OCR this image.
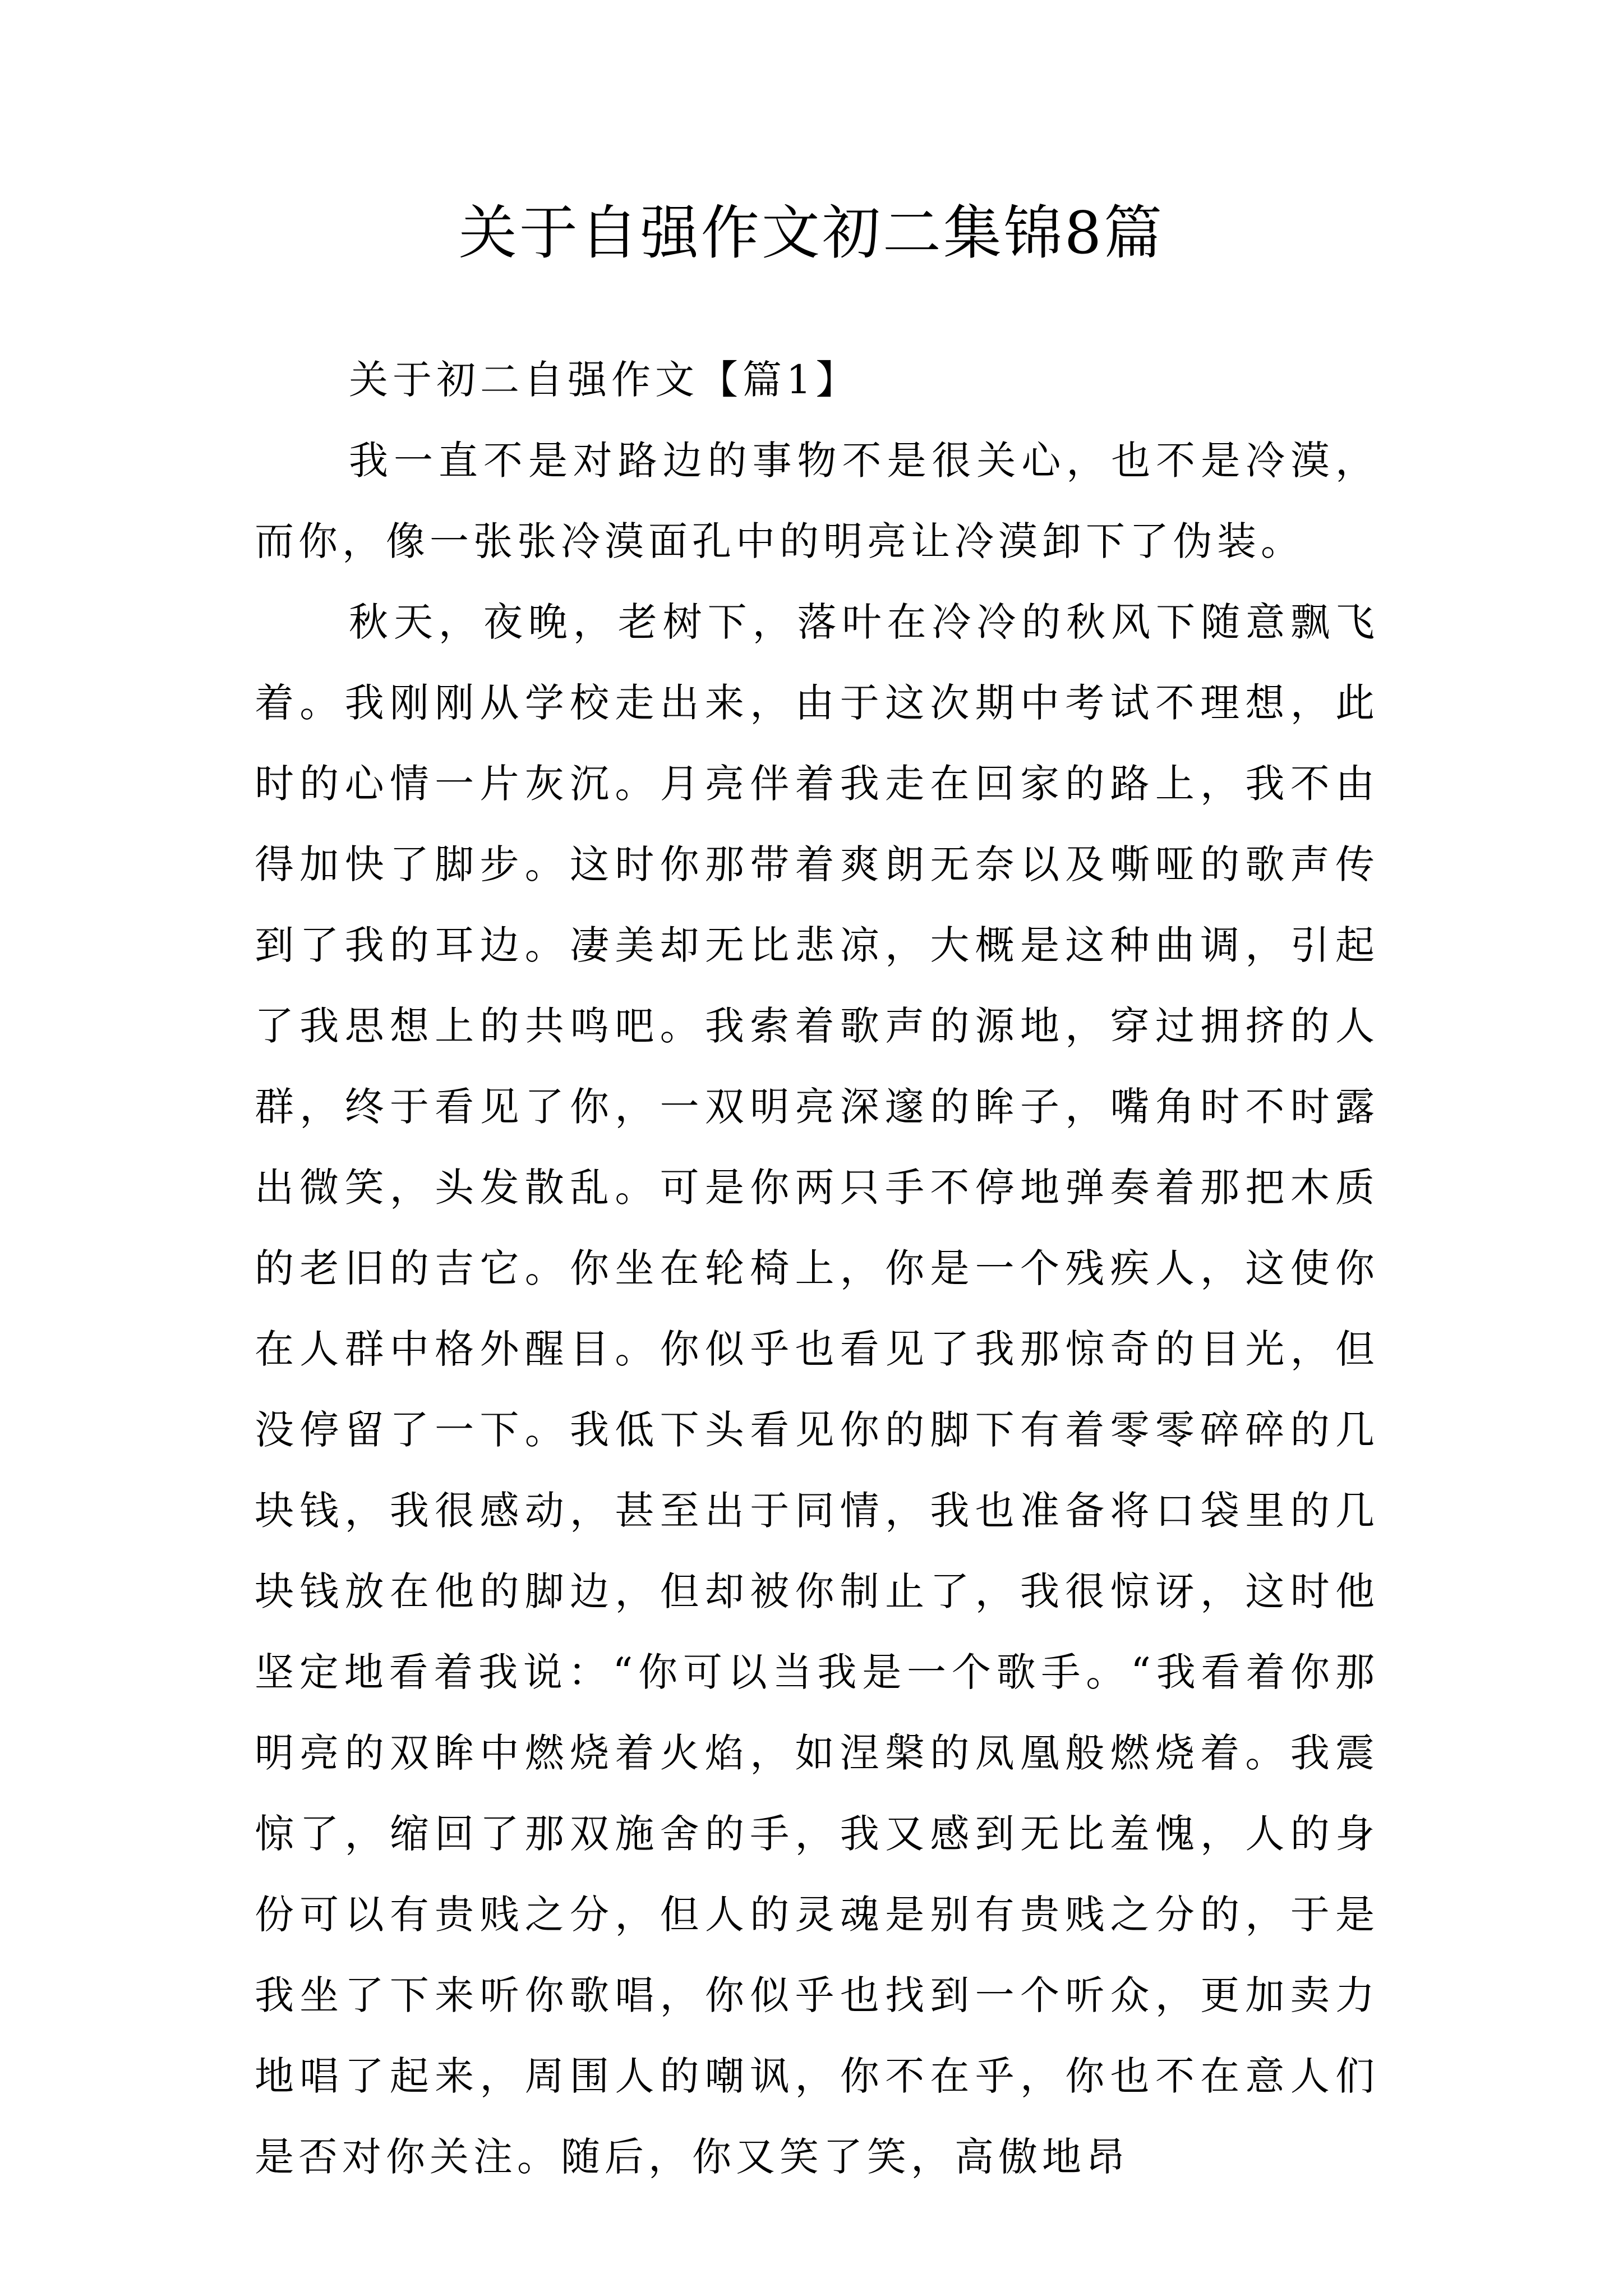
关于自强作文初二集锦8篇

关于初二自强作文【篇1】

我一直不是对路边的事物不是很关心，也不是冷漠，而你，像一张张冷漠面孔中的明亮让冷漠卸下了伪装。

秋天，夜晚，老树下，落叶在冷冷的秋风下随意飘飞着。我刚刚从学校走出来，由于这次期中考试不理想，此时的心情一片灰沉。月亮伴着我走在回家的路上，我不由得加快了脚步。这时你那带着爽朗无奈以及嘶哑的歌声传到了我的耳边。凄美却无比悲凉，大概是这种曲调，引起了我思想上的共鸣吧。我索着歌声的源地，穿过拥挤的人群，终于看见了你，一双明亮深邃的眸子，嘴角时不时露出微笑，头发散乱。可是你两只手不停地弹奏着那把木质的老旧的吉它。你坐在轮椅上，你是一个残疾人，这使你在人群中格外醒目。你似乎也看见了我那惊奇的目光，但没停留了一下。我低下头看见你的脚下有着零零碎碎的几块钱，我很感动，甚至出于同情，我也准备将口袋里的几块钱放在他的脚边，但却被你制止了，我很惊讶，这时他坚定地看着我说：“你可以当我是一个歌手。“我看着你那明亮的双眸中燃烧着火焰，如涅槃的凤凰般燃烧着。我震惊了，缩回了那双施舍的手，我又感到无比羞愧，人的身份可以有贵贱之分，但人的灵魂是别有贵贱之分的，于是我坐了下来听你歌唱，你似乎也找到一个听众，更加卖力地唱了起来，周围人的嘲讽，你不在乎，你也不在意人们是否对你关注。随后，你又笑了笑，高傲地昂
